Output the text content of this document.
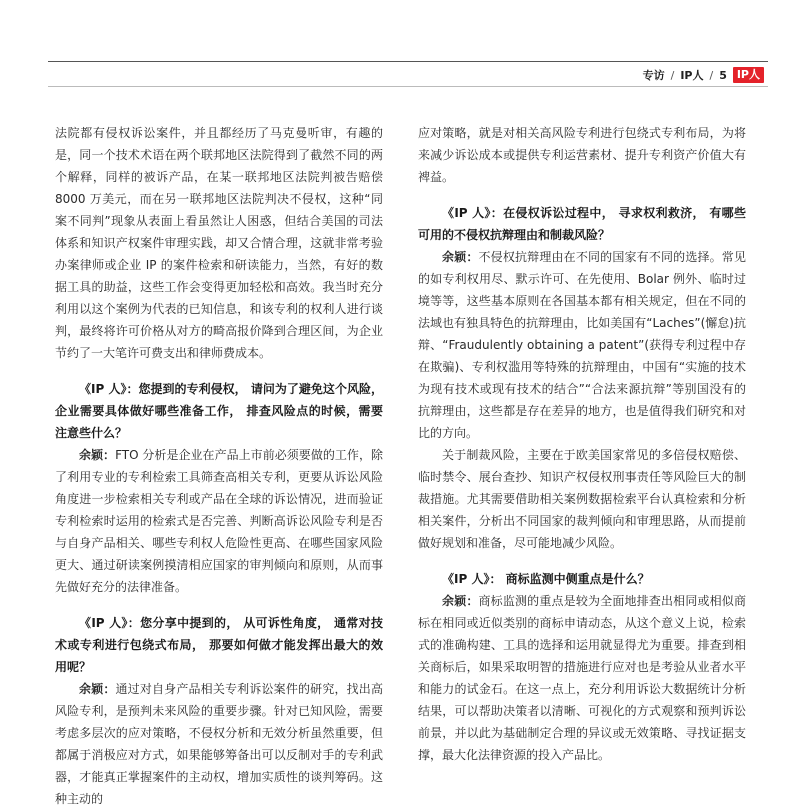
专访 / IP人 / 5 IP人

法院都有侵权诉讼案件，并且都经历了马克曼听审，有趣的是，同一个技术术语在两个联邦地区法院得到了截然不同的两个解释，同样的被诉产品，在某一联邦地区法院判被告赔偿 8000 万美元，而在另一联邦地区法院判决不侵权，这种“同案不同判”现象从表面上看虽然让人困惑，但结合美国的司法体系和知识产权案件审理实践，却又合情合理，这就非常考验办案律师或企业 IP 的案件检索和研读能力，当然，有好的数据工具的助益，这些工作会变得更加轻松和高效。我当时充分利用以这个案例为代表的已知信息，和该专利的权利人进行谈判，最终将许可价格从对方的畸高报价降到合理区间，为企业节约了一大笔许可费支出和律师费成本。

《IP 人》：您提到的专利侵权， 请问为了避免这个风险， 企业需要具体做好哪些准备工作， 排查风险点的时候，需要注意些什么？

余颖：FTO 分析是企业在产品上市前必须要做的工作，除了利用专业的专利检索工具筛查高相关专利，更要从诉讼风险角度进一步检索相关专利或产品在全球的诉讼情况，进而验证专利检索时运用的检索式是否完善、判断高诉讼风险专利是否与自身产品相关、哪些专利权人危险性更高、在哪些国家风险更大、通过研读案例摸清相应国家的审判倾向和原则，从而事先做好充分的法律准备。

《IP 人》：您分享中提到的， 从可诉性角度， 通常对技术或专利进行包绕式布局， 那要如何做才能发挥出最大的效用呢？

余颖：通过对自身产品相关专利诉讼案件的研究，找出高风险专利，是预判未来风险的重要步骤。针对已知风险，需要考虑多层次的应对策略，不侵权分析和无效分析虽然重要，但都属于消极应对方式，如果能够筹备出可以反制对手的专利武器，才能真正掌握案件的主动权，增加实质性的谈判筹码。这种主动的

应对策略，就是对相关高风险专利进行包绕式专利布局，为将来减少诉讼成本或提供专利运营素材、提升专利资产价值大有裨益。

《IP 人》：在侵权诉讼过程中， 寻求权利救济， 有哪些可用的不侵权抗辩理由和制裁风险？

余颖：不侵权抗辩理由在不同的国家有不同的选择。常见的如专利权用尽、默示许可、在先使用、Bolar 例外、临时过境等等，这些基本原则在各国基本都有相关规定，但在不同的法域也有独具特色的抗辩理由，比如美国有“Laches”(懈怠)抗辩、“Fraudulently obtaining a patent”(获得专利过程中存在欺骗)、专利权滥用等特殊的抗辩理由，中国有“实施的技术为现有技术或现有技术的结合”“合法来源抗辩”等别国没有的抗辩理由，这些都是存在差异的地方，也是值得我们研究和对比的方向。

关于制裁风险，主要在于欧美国家常见的多倍侵权赔偿、临时禁令、展台查抄、知识产权侵权刑事责任等风险巨大的制裁措施。尤其需要借助相关案例数据检索平台认真检索和分析相关案件，分析出不同国家的裁判倾向和审理思路，从而提前做好规划和准备，尽可能地减少风险。

《IP 人》： 商标监测中侧重点是什么？

余颖：商标监测的重点是较为全面地排查出相同或相似商标在相同或近似类别的商标申请动态，从这个意义上说，检索式的准确构建、工具的选择和运用就显得尤为重要。排查到相关商标后，如果采取明智的措施进行应对也是考验从业者水平和能力的试金石。在这一点上，充分利用诉讼大数据统计分析结果，可以帮助决策者以清晰、可视化的方式观察和预判诉讼前景，并以此为基础制定合理的异议或无效策略、寻找证据支撑，最大化法律资源的投入产品比。
